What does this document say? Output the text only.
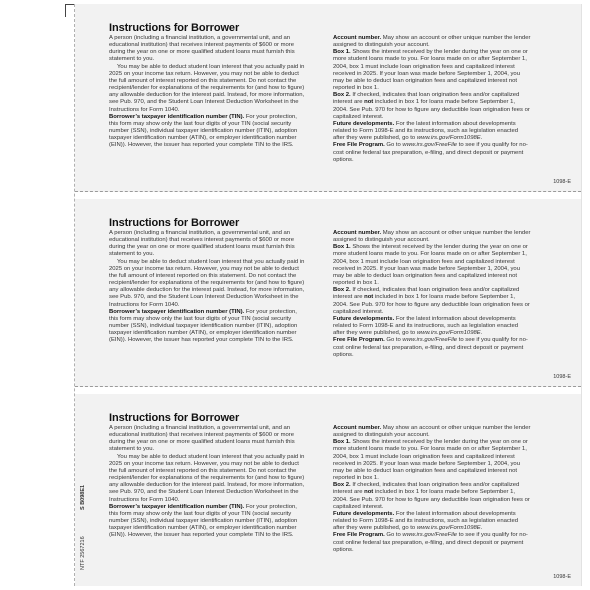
Instructions for Borrower

A person (including a financial institution, a governmental unit, and an educational institution) that receives interest payments of $600 or more during the year on one or more qualified student loans must furnish this statement to you.

You may be able to deduct student loan interest that you actually paid in 2025 on your income tax return. However, you may not be able to deduct the full amount of interest reported on this statement. Do not contact the recipient/lender for explanations of the requirements for (and how to figure) any allowable deduction for the interest paid. Instead, for more information, see Pub. 970, and the Student Loan Interest Deduction Worksheet in the Instructions for Form 1040.

Borrower’s taxpayer identification number (TIN). For your protection, this form may show only the last four digits of your TIN (social security number (SSN), individual taxpayer identification number (ITIN), adoption taxpayer identification number (ATIN), or employer identification number (EIN)). However, the issuer has reported your complete TIN to the IRS.

Account number. May show an account or other unique number the lender assigned to distinguish your account.

Box 1. Shows the interest received by the lender during the year on one or more student loans made to you. For loans made on or after September 1, 2004, box 1 must include loan origination fees and capitalized interest received in 2025. If your loan was made before September 1, 2004, you may be able to deduct loan origination fees and capitalized interest not reported in box 1.

Box 2. If checked, indicates that loan origination fees and/or capitalized interest are not included in box 1 for loans made before September 1, 2004. See Pub. 970 for how to figure any deductible loan origination fees or capitalized interest.

Future developments. For the latest information about developments related to Form 1098-E and its instructions, such as legislation enacted after they were published, go to www.irs.gov/Form1098E.

Free File Program. Go to www.irs.gov/FreeFile to see if you qualify for no-cost online federal tax preparation, e-filing, and direct deposit or payment options.

1098-E
Instructions for Borrower

A person (including a financial institution, a governmental unit, and an educational institution) that receives interest payments of $600 or more during the year on one or more qualified student loans must furnish this statement to you.

You may be able to deduct student loan interest that you actually paid in 2025 on your income tax return. However, you may not be able to deduct the full amount of interest reported on this statement. Do not contact the recipient/lender for explanations of the requirements for (and how to figure) any allowable deduction for the interest paid. Instead, for more information, see Pub. 970, and the Student Loan Interest Deduction Worksheet in the Instructions for Form 1040.

Borrower’s taxpayer identification number (TIN). For your protection, this form may show only the last four digits of your TIN (social security number (SSN), individual taxpayer identification number (ITIN), adoption taxpayer identification number (ATIN), or employer identification number (EIN)). However, the issuer has reported your complete TIN to the IRS.

Account number. May show an account or other unique number the lender assigned to distinguish your account.

Box 1. Shows the interest received by the lender during the year on one or more student loans made to you. For loans made on or after September 1, 2004, box 1 must include loan origination fees and capitalized interest received in 2025. If your loan was made before September 1, 2004, you may be able to deduct loan origination fees and capitalized interest not reported in box 1.

Box 2. If checked, indicates that loan origination fees and/or capitalized interest are not included in box 1 for loans made before September 1, 2004. See Pub. 970 for how to figure any deductible loan origination fees or capitalized interest.

Future developments. For the latest information about developments related to Form 1098-E and its instructions, such as legislation enacted after they were published, go to www.irs.gov/Form1098E.

Free File Program. Go to www.irs.gov/FreeFile to see if you qualify for no-cost online federal tax preparation, e-filing, and direct deposit or payment options.

1098-E
Instructions for Borrower

A person (including a financial institution, a governmental unit, and an educational institution) that receives interest payments of $600 or more during the year on one or more qualified student loans must furnish this statement to you.

You may be able to deduct student loan interest that you actually paid in 2025 on your income tax return. However, you may not be able to deduct the full amount of interest reported on this statement. Do not contact the recipient/lender for explanations of the requirements for (and how to figure) any allowable deduction for the interest paid. Instead, for more information, see Pub. 970, and the Student Loan Interest Deduction Worksheet in the Instructions for Form 1040.

Borrower’s taxpayer identification number (TIN). For your protection, this form may show only the last four digits of your TIN (social security number (SSN), individual taxpayer identification number (ITIN), adoption taxpayer identification number (ATIN), or employer identification number (EIN)). However, the issuer has reported your complete TIN to the IRS.

Account number. May show an account or other unique number the lender assigned to distinguish your account.

Box 1. Shows the interest received by the lender during the year on one or more student loans made to you. For loans made on or after September 1, 2004, box 1 must include loan origination fees and capitalized interest received in 2025. If your loan was made before September 1, 2004, you may be able to deduct loan origination fees and capitalized interest not reported in box 1.

Box 2. If checked, indicates that loan origination fees and/or capitalized interest are not included in box 1 for loans made before September 1, 2004. See Pub. 970 for how to figure any deductible loan origination fees or capitalized interest.

Future developments. For the latest information about developments related to Form 1098-E and its instructions, such as legislation enacted after they were published, go to www.irs.gov/Form1098E.

Free File Program. Go to www.irs.gov/FreeFile to see if you qualify for no-cost online federal tax preparation, e-filing, and direct deposit or payment options.

1098-E
S B098E1
NTF 2567216
